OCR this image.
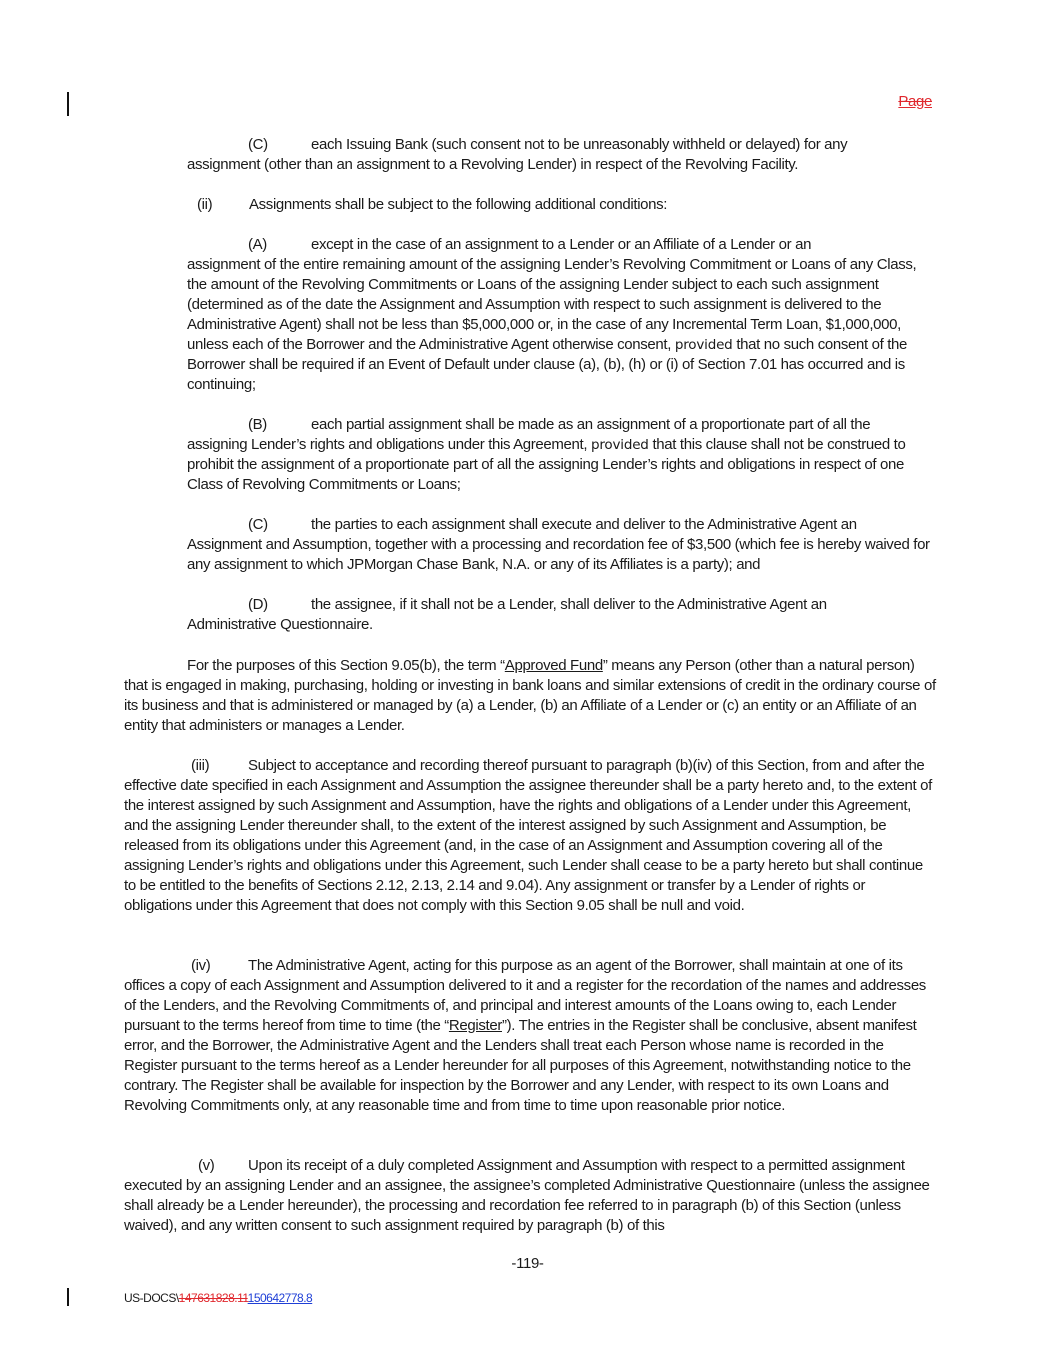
Page

(C)	each Issuing Bank (such consent not to be unreasonably withheld or delayed) for any
assignment (other than an assignment to a Revolving Lender) in respect of the Revolving Facility.

(ii) Assignments shall be subject to the following additional conditions:

(A)	except in the case of an assignment to a Lender or an Affiliate of a Lender or an
assignment of the entire remaining amount of the assigning Lender’s Revolving Commitment or Loans of any Class, the amount of the Revolving Commitments or Loans of the assigning Lender subject to each such assignment (determined as of the date the Assignment and Assumption with respect to such assignment is delivered to the Administrative Agent) shall not be less than $5,000,000 or, in the case of any Incremental Term Loan, $1,000,000, unless each of the Borrower and the Administrative Agent otherwise consent, provided that no such consent of the Borrower shall be required if an Event of Default under clause (a), (b), (h) or (i) of Section 7.01 has occurred and is continuing;

(B)	each partial assignment shall be made as an assignment of a proportionate part of all the
assigning Lender’s rights and obligations under this Agreement, provided that this clause shall not be construed to prohibit the assignment of a proportionate part of all the assigning Lender’s rights and obligations in respect of one Class of Revolving Commitments or Loans;

(C)	the parties to each assignment shall execute and deliver to the Administrative Agent an
Assignment and Assumption, together with a processing and recordation fee of $3,500 (which fee is hereby waived for any assignment to which JPMorgan Chase Bank, N.A. or any of its Affiliates is a party); and

(D)	the assignee, if it shall not be a Lender, shall deliver to the Administrative Agent an
Administrative Questionnaire.

For the purposes of this Section 9.05(b), the term “Approved Fund” means any Person (other than a natural person) that is engaged in making, purchasing, holding or investing in bank loans and similar extensions of credit in the ordinary course of its business and that is administered or managed by (a) a Lender, (b) an Affiliate of a Lender or (c) an entity or an Affiliate of an entity that administers or manages a Lender.

(iii)	Subject to acceptance and recording thereof pursuant to paragraph (b)(iv) of this Section, from and after the effective date specified in each Assignment and Assumption the assignee thereunder shall be a party hereto and, to the extent of the interest assigned by such Assignment and Assumption, have the rights and obligations of a Lender under this Agreement, and the assigning Lender thereunder shall, to the extent of the interest assigned by such Assignment and Assumption, be released from its obligations under this Agreement (and, in the case of an Assignment and Assumption covering all of the assigning Lender’s rights and obligations under this Agreement, such Lender shall cease to be a party hereto but shall continue to be entitled to the benefits of Sections 2.12, 2.13, 2.14 and 9.04). Any assignment or transfer by a Lender of rights or obligations under this Agreement that does not comply with this Section 9.05 shall be null and void.

(iv)	The Administrative Agent, acting for this purpose as an agent of the Borrower, shall maintain at one of its offices a copy of each Assignment and Assumption delivered to it and a register for the recordation of the names and addresses of the Lenders, and the Revolving Commitments of, and principal and interest amounts of the Loans owing to, each Lender pursuant to the terms hereof from time to time (the “Register”). The entries in the Register shall be conclusive, absent manifest error, and the Borrower, the Administrative Agent and the Lenders shall treat each Person whose name is recorded in the Register pursuant to the terms hereof as a Lender hereunder for all purposes of this Agreement, notwithstanding notice to the contrary. The Register shall be available for inspection by the Borrower and any Lender, with respect to its own Loans and Revolving Commitments only, at any reasonable time and from time to time upon reasonable prior notice.

(v) Upon its receipt of a duly completed Assignment and Assumption with respect to a permitted assignment executed by an assigning Lender and an assignee, the assignee’s completed Administrative Questionnaire (unless the assignee shall already be a Lender hereunder), the processing and recordation fee referred to in paragraph (b) of this Section (unless waived), and any written consent to such assignment required by paragraph (b) of this

-119-
US-DOCS\147631828.11150642778.8
